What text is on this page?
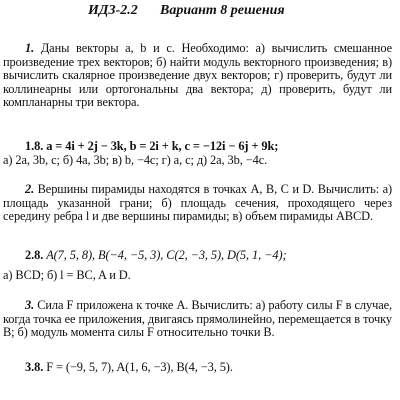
ИДЗ-2.2 Вариант 8 решения
1. Даны векторы a, b и c. Необходимо: а) вычислить смешанное произведение трех векторов; б) найти модуль векторного произведения; в) вычислить скалярное произведение двух векторов; г) проверить, будут ли коллинеарны или ортогональны два вектора; д) проверить, будут ли компланарны три вектора.
1.8. a = 4i + 2j − 3k, b = 2i + k, c = −12i − 6j + 9k;
а) 2a, 3b, c; б) 4a, 3b; в) b, −4c; г) a, c; д) 2a, 3b, −4c.
2. Вершины пирамиды находятся в точках A, B, C и D. Вычислить: а) площадь указанной грани; б) площадь сечения, проходящего через середину ребра l и две вершины пирамиды; в) объем пирамиды ABCD.
2.8. A(7, 5, 8), B(−4, −5, 3), C(2, −3, 5), D(5, 1, −4);
а) BCD; б) l = BC, A и D.
3. Сила F приложена к точке A. Вычислить: а) работу силы F в случае, когда точка ее приложения, двигаясь прямолинейно, перемещается в точку B; б) модуль момента силы F относительно точки B.
3.8. F = (−9, 5, 7), A(1, 6, −3), B(4, −3, 5).
